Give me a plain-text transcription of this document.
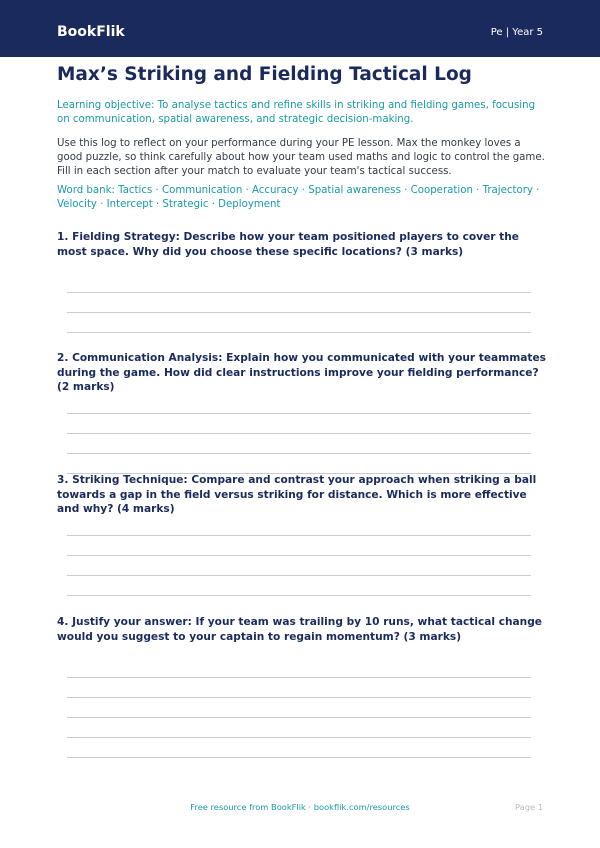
BookFlik	Pe | Year 5
Max’s Striking and Fielding Tactical Log
Learning objective: To analyse tactics and refine skills in striking and fielding games, focusing on communication, spatial awareness, and strategic decision-making.
Use this log to reflect on your performance during your PE lesson. Max the monkey loves a good puzzle, so think carefully about how your team used maths and logic to control the game. Fill in each section after your match to evaluate your team's tactical success.
Word bank: Tactics · Communication · Accuracy · Spatial awareness · Cooperation · Trajectory · Velocity · Intercept · Strategic · Deployment
1. Fielding Strategy: Describe how your team positioned players to cover the most space. Why did you choose these specific locations? (3 marks)
2. Communication Analysis: Explain how you communicated with your teammates during the game. How did clear instructions improve your fielding performance? (2 marks)
3. Striking Technique: Compare and contrast your approach when striking a ball towards a gap in the field versus striking for distance. Which is more effective and why? (4 marks)
4. Justify your answer: If your team was trailing by 10 runs, what tactical change would you suggest to your captain to regain momentum? (3 marks)
Free resource from BookFlik · bookflik.com/resources	Page 1
